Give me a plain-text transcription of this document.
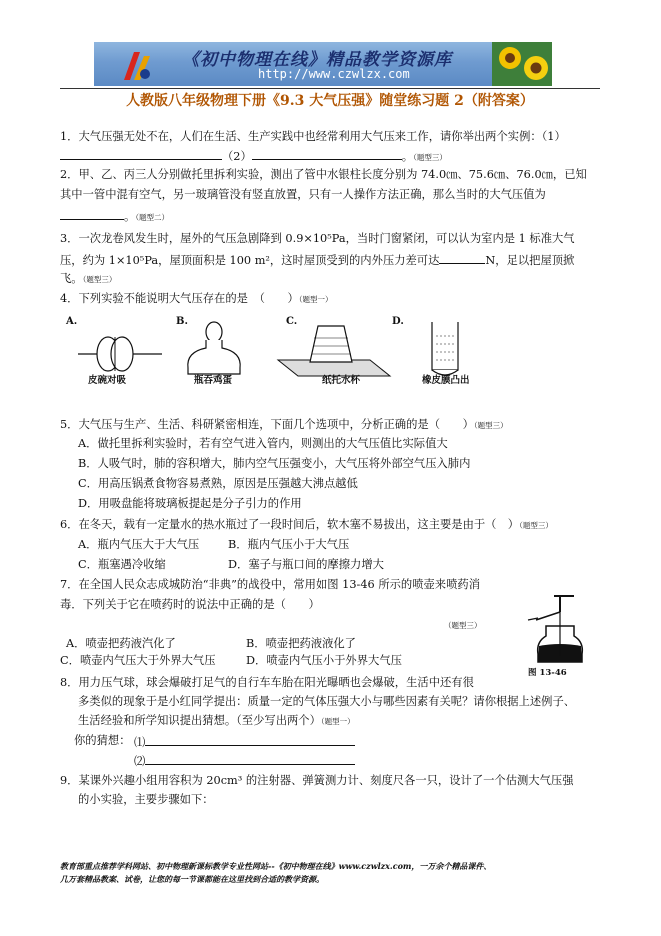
《初中物理在线》精品教学资源库
http://www.czwlzx.com
人教版八年级物理下册《9.3 大气压强》随堂练习题 2（附答案）
1．大气压强无处不在，人们在生活、生产实践中也经常利用大气压来工作，请你举出两个实例：（1）
（2）	。（题型三）
2．甲、乙、丙三人分别做托里拆利实验，测出了管中水银柱长度分别为 74.0㎝、75.6㎝、76.0㎝，已知
其中一管中混有空气，另一玻璃管没有竖直放置，只有一人操作方法正确，那么当时的大气压值为
。（题型二）
3．一次龙卷风发生时，屋外的气压急剧降到 0.9×10⁵Pa，当时门窗紧闭，可以认为室内是 1 标准大气
压，约为 1×10⁵Pa，屋顶面积是 100 m²，这时屋顶受到的内外压力差可达	N，足以把屋顶掀
飞。（题型三）
4．下列实验不能说明大气压存在的是　（　　）（题型一）
A.	B.	C.	D.
皮碗对吸	瓶吞鸡蛋	纸托水杯	橡皮膜凸出
5．大气压与生产、生活、科研紧密相连，下面几个选项中，分析正确的是（　　）（题型三）
A．做托里拆利实验时，若有空气进入管内，则测出的大气压值比实际值大
B．人吸气时，肺的容积增大，肺内空气压强变小，大气压将外部空气压入肺内
C．用高压锅煮食物容易煮熟，原因是压强越大沸点越低
D．用吸盘能将玻璃板提起是分子引力的作用
6．在冬天，载有一定量水的热水瓶过了一段时间后，软木塞不易拔出，这主要是由于（　）（题型三）
A．瓶内气压大于大气压	B．瓶内气压小于大气压
C．瓶塞遇冷收缩	D．塞子与瓶口间的摩擦力增大
7．在全国人民众志成城防治“非典”的战役中，常用如图 13-46 所示的喷壶来喷药消
毒．下列关于它在喷药时的说法中正确的是（　　）
（题型三）
A．喷壶把药液汽化了	B．喷壶把药液液化了
C．喷壶内气压大于外界大气压	D．喷壶内气压小于外界大气压
图 13-46
8．用力压气球，球会爆破打足气的自行车车胎在阳光曝晒也会爆破，生活中还有很
多类似的现象于是小红同学提出：质量一定的气体压强大小与哪些因素有关呢？请你根据上述例子、
生活经验和所学知识提出猜想。（至少写出两个）（题型一）
你的猜想： ⑴
⑵
9．某课外兴趣小组用容积为 20cm³ 的注射器、弹簧测力计、刻度尺各一只，设计了一个估测大气压强
的小实验，主要步骤如下：
教育部重点推荐学科网站、初中物理新课标教学专业性网站--《初中物理在线》www.czwlzx.com，一万余个精品课件、
几万套精品教案、试卷，让您的每一节课都能在这里找到合适的教学资源。
